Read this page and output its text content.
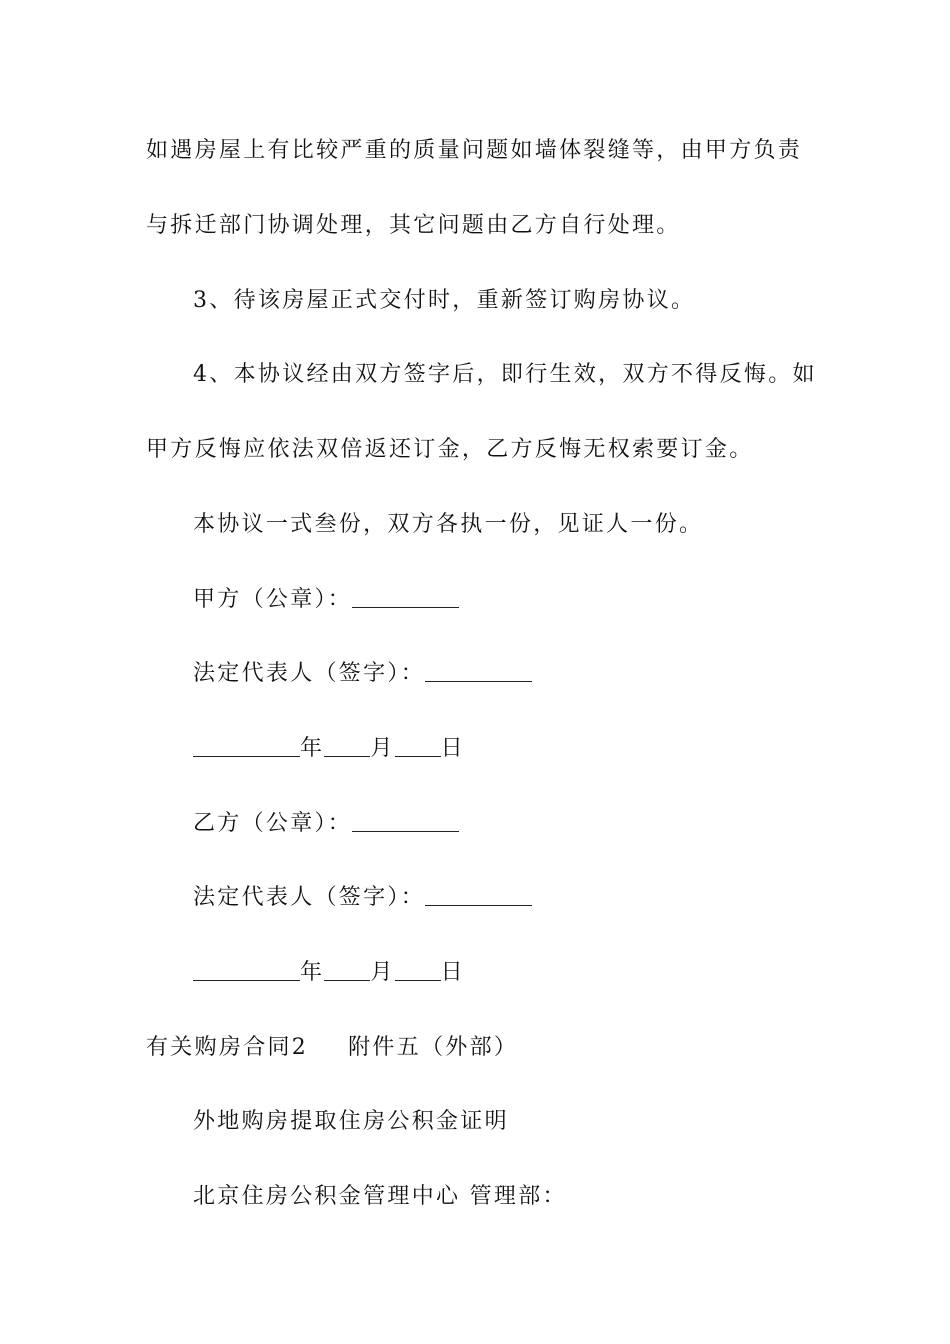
如遇房屋上有比较严重的质量问题如墙体裂缝等，由甲方负责
与拆迁部门协调处理，其它问题由乙方自行处理。
3、待该房屋正式交付时，重新签订购房协议。
4、本协议经由双方签字后，即行生效，双方不得反悔。如
甲方反悔应依法双倍返还订金，乙方反悔无权索要订金。
本协议一式叁份，双方各执一份，见证人一份。
甲方（公章）：
法定代表人（签字）：
年 月 日
乙方（公章）：
法定代表人（签字）：
年 月 日
有关购房合同2 附件五（外部）
外地购房提取住房公积金证明
北京住房公积金管理中心 管理部：
